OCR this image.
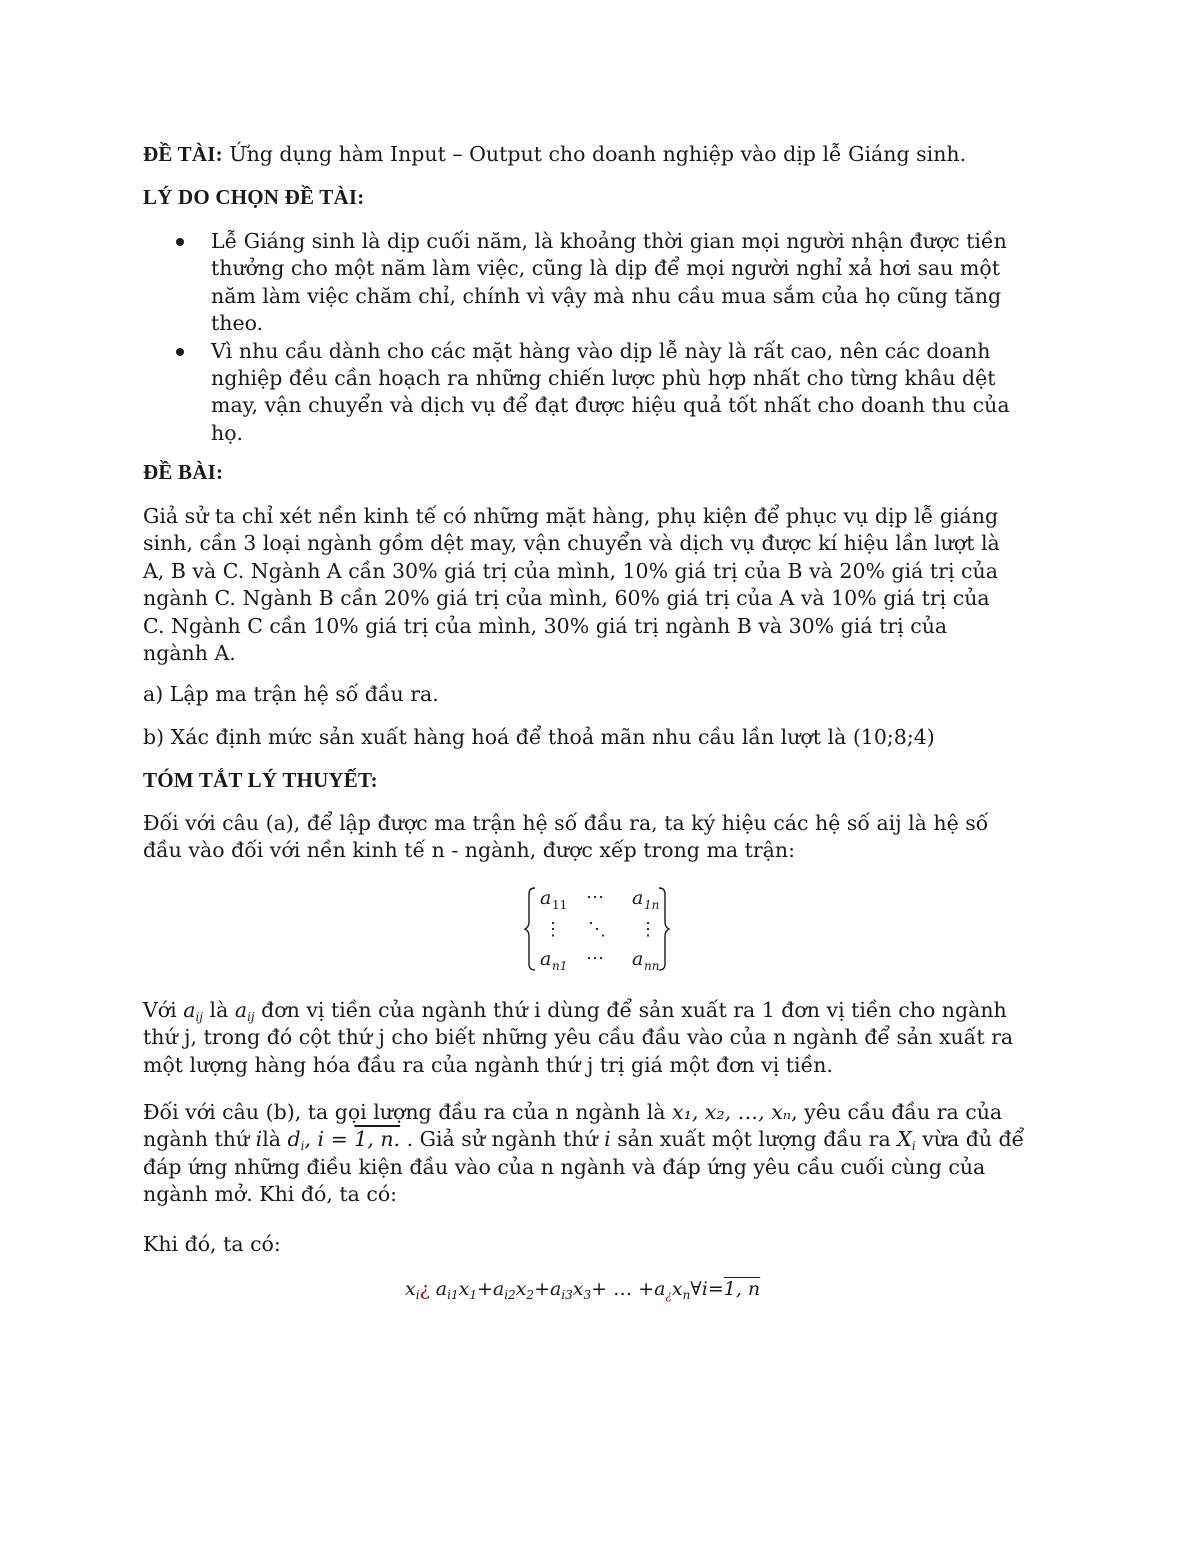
ĐỀ TÀI: Ứng dụng hàm Input – Output cho doanh nghiệp vào dịp lễ Giáng sinh.

LÝ DO CHỌN ĐỀ TÀI:

Lễ Giáng sinh là dịp cuối năm, là khoảng thời gian mọi người nhận được tiền
thưởng cho một năm làm việc, cũng là dịp để mọi người nghỉ xả hơi sau một
năm làm việc chăm chỉ, chính vì vậy mà nhu cầu mua sắm của họ cũng tăng
theo.
Vì nhu cầu dành cho các mặt hàng vào dịp lễ này là rất cao, nên các doanh
nghiệp đều cần hoạch ra những chiến lược phù hợp nhất cho từng khâu dệt
may, vận chuyển và dịch vụ để đạt được hiệu quả tốt nhất cho doanh thu của
họ.

ĐỀ BÀI:

Giả sử ta chỉ xét nền kinh tế có những mặt hàng, phụ kiện để phục vụ dịp lễ giáng
sinh, cần 3 loại ngành gồm dệt may, vận chuyển và dịch vụ được kí hiệu lần lượt là
A, B và C. Ngành A cần 30% giá trị của mình, 10% giá trị của B và 20% giá trị của
ngành C. Ngành B cần 20% giá trị của mình, 60% giá trị của A và 10% giá trị của
C. Ngành C cần 10% giá trị của mình, 30% giá trị ngành B và 30% giá trị của
ngành A.

a) Lập ma trận hệ số đầu ra.

b) Xác định mức sản xuất hàng hoá để thoả mãn nhu cầu lần lượt là (10;8;4)

TÓM TẮT LÝ THUYẾT:

Đối với câu (a), để lập được ma trận hệ số đầu ra, ta ký hiệu các hệ số aij là hệ số
đầu vào đối với nền kinh tế n - ngành, được xếp trong ma trận:
Với $a_{ij}$ là $a_{ij}$ đơn vị tiền của ngành thứ i dùng để sản xuất ra 1 đơn vị tiền cho ngành
thứ j, trong đó cột thứ j cho biết những yêu cầu đầu vào của n ngành để sản xuất ra
một lượng hàng hóa đầu ra của ngành thứ j trị giá một đơn vị tiền.
Đối với câu (b), ta gọi lượng đầu ra của n ngành là x₁, x₂, …, xₙ, yêu cầu đầu ra của
ngành thứ ilà $d_i$, i = 1, n. . Giả sử ngành thứ i sản xuất một lượng đầu ra $X_i$ vừa đủ để
đáp ứng những điều kiện đầu vào của n ngành và đáp ứng yêu cầu cuối cùng của
ngành mở. Khi đó, ta có:

Khi đó, ta có:

$x_i¿$ $a_{i1}x_1+a_{i2}x_2+a_{i3}x_3+$ … $+a_¿x_n\forall i=1$, n
a 11 ⋯ a 1n
⋮ ⋱ ⋮
a n1 ⋯ a nn
